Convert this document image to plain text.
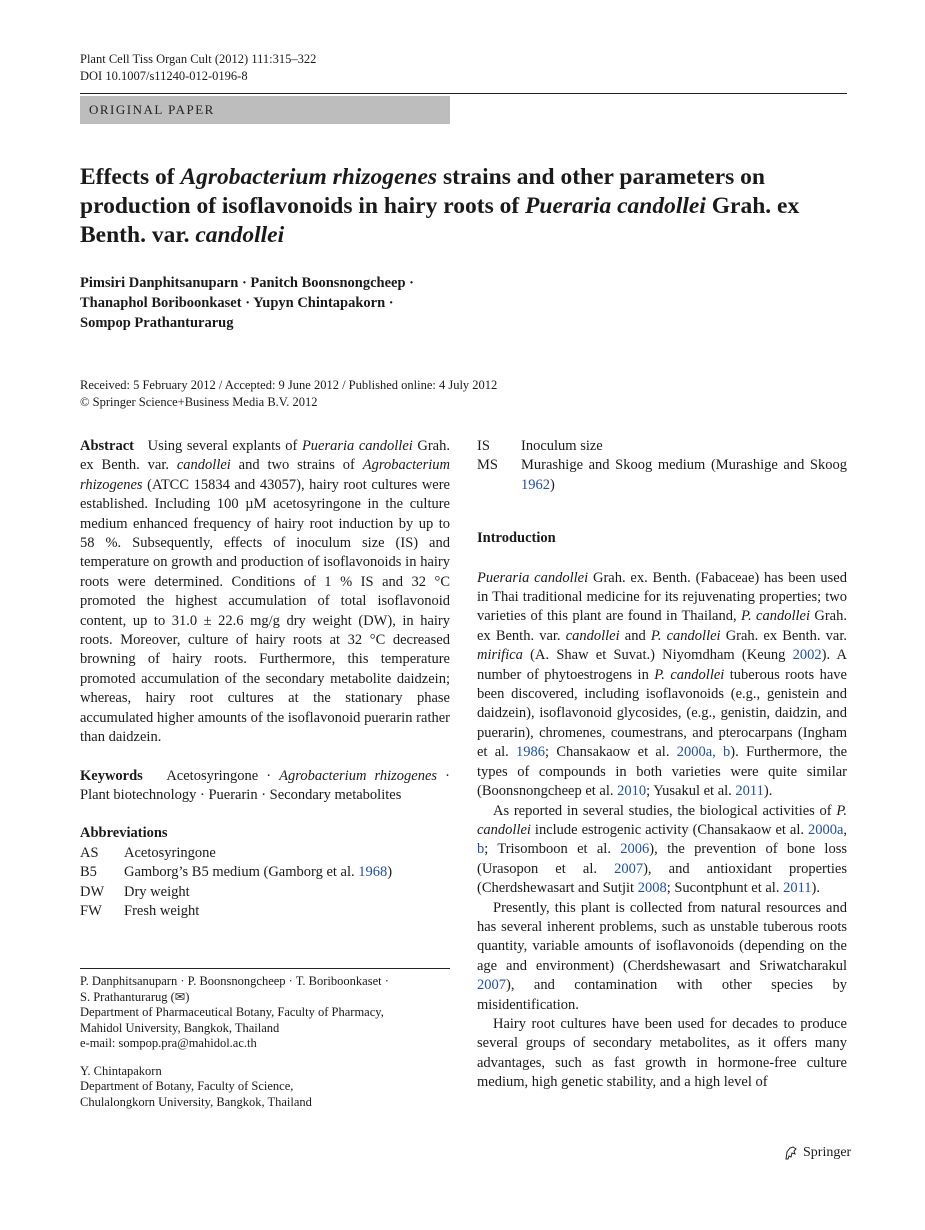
Plant Cell Tiss Organ Cult (2012) 111:315–322
DOI 10.1007/s11240-012-0196-8
ORIGINAL PAPER
Effects of Agrobacterium rhizogenes strains and other parameters on production of isoflavonoids in hairy roots of Pueraria candollei Grah. ex Benth. var. candollei
Pimsiri Danphitsanuparn · Panitch Boonsnongcheep ·
Thanaphol Boriboonkaset · Yupyn Chintapakorn ·
Sompop Prathanturarug
Received: 5 February 2012 / Accepted: 9 June 2012 / Published online: 4 July 2012
© Springer Science+Business Media B.V. 2012

Abstract Using several explants of Pueraria candollei Grah. ex Benth. var. candollei and two strains of Agrobacterium rhizogenes (ATCC 15834 and 43057), hairy root cultures were established. Including 100 µM acetosyringone in the culture medium enhanced frequency of hairy root induction by up to 58 %. Subsequently, effects of inoculum size (IS) and temperature on growth and production of isoflavonoids in hairy roots were determined. Conditions of 1 % IS and 32 °C promoted the highest accumulation of total isoflavonoid content, up to 31.0 ± 22.6 mg/g dry weight (DW), in hairy roots. Moreover, culture of hairy roots at 32 °C decreased browning of hairy roots. Furthermore, this temperature promoted accumulation of the secondary metabolite daidzein; whereas, hairy root cultures at the stationary phase accumulated higher amounts of the isoflavonoid puerarin rather than daidzein.

Keywords Acetosyringone · Agrobacterium rhizogenes · Plant biotechnology · Puerarin · Secondary metabolites

Abbreviations
AS	Acetosyringone
B5	Gamborg’s B5 medium (Gamborg et al. 1968)
DW	Dry weight
FW	Fresh weight

P. Danphitsanuparn · P. Boonsnongcheep · T. Boriboonkaset ·
S. Prathanturarug (✉)
Department of Pharmaceutical Botany, Faculty of Pharmacy,
Mahidol University, Bangkok, Thailand
e-mail: sompop.pra@mahidol.ac.th

Y. Chintapakorn
Department of Botany, Faculty of Science,
Chulalongkorn University, Bangkok, Thailand

IS	Inoculum size
MS	Murashige and Skoog medium (Murashige and Skoog 1962)
Introduction

Pueraria candollei Grah. ex. Benth. (Fabaceae) has been used in Thai traditional medicine for its rejuvenating properties; two varieties of this plant are found in Thailand, P. candollei Grah. ex Benth. var. candollei and P. candollei Grah. ex Benth. var. mirifica (A. Shaw et Suvat.) Niyomdham (Keung 2002). A number of phytoestrogens in P. candollei tuberous roots have been discovered, including isoflavonoids (e.g., genistein and daidzein), isoflavonoid glycosides, (e.g., genistin, daidzin, and puerarin), chromenes, coumestrans, and pterocarpans (Ingham et al. 1986; Chansakaow et al. 2000a, b). Furthermore, the types of compounds in both varieties were quite similar (Boonsnongcheep et al. 2010; Yusakul et al. 2011).

As reported in several studies, the biological activities of P. candollei include estrogenic activity (Chansakaow et al. 2000a, b; Trisomboon et al. 2006), the prevention of bone loss (Urasopon et al. 2007), and antioxidant properties (Cherdshewasart and Sutjit 2008; Sucontphunt et al. 2011).

Presently, this plant is collected from natural resources and has several inherent problems, such as unstable tuberous roots quantity, variable amounts of isoflavonoids (depending on the age and environment) (Cherdshewasart and Sriwatcharakul 2007), and contamination with other species by misidentification.

Hairy root cultures have been used for decades to produce several groups of secondary metabolites, as it offers many advantages, such as fast growth in hormone-free culture medium, high genetic stability, and a high level of

Springer
